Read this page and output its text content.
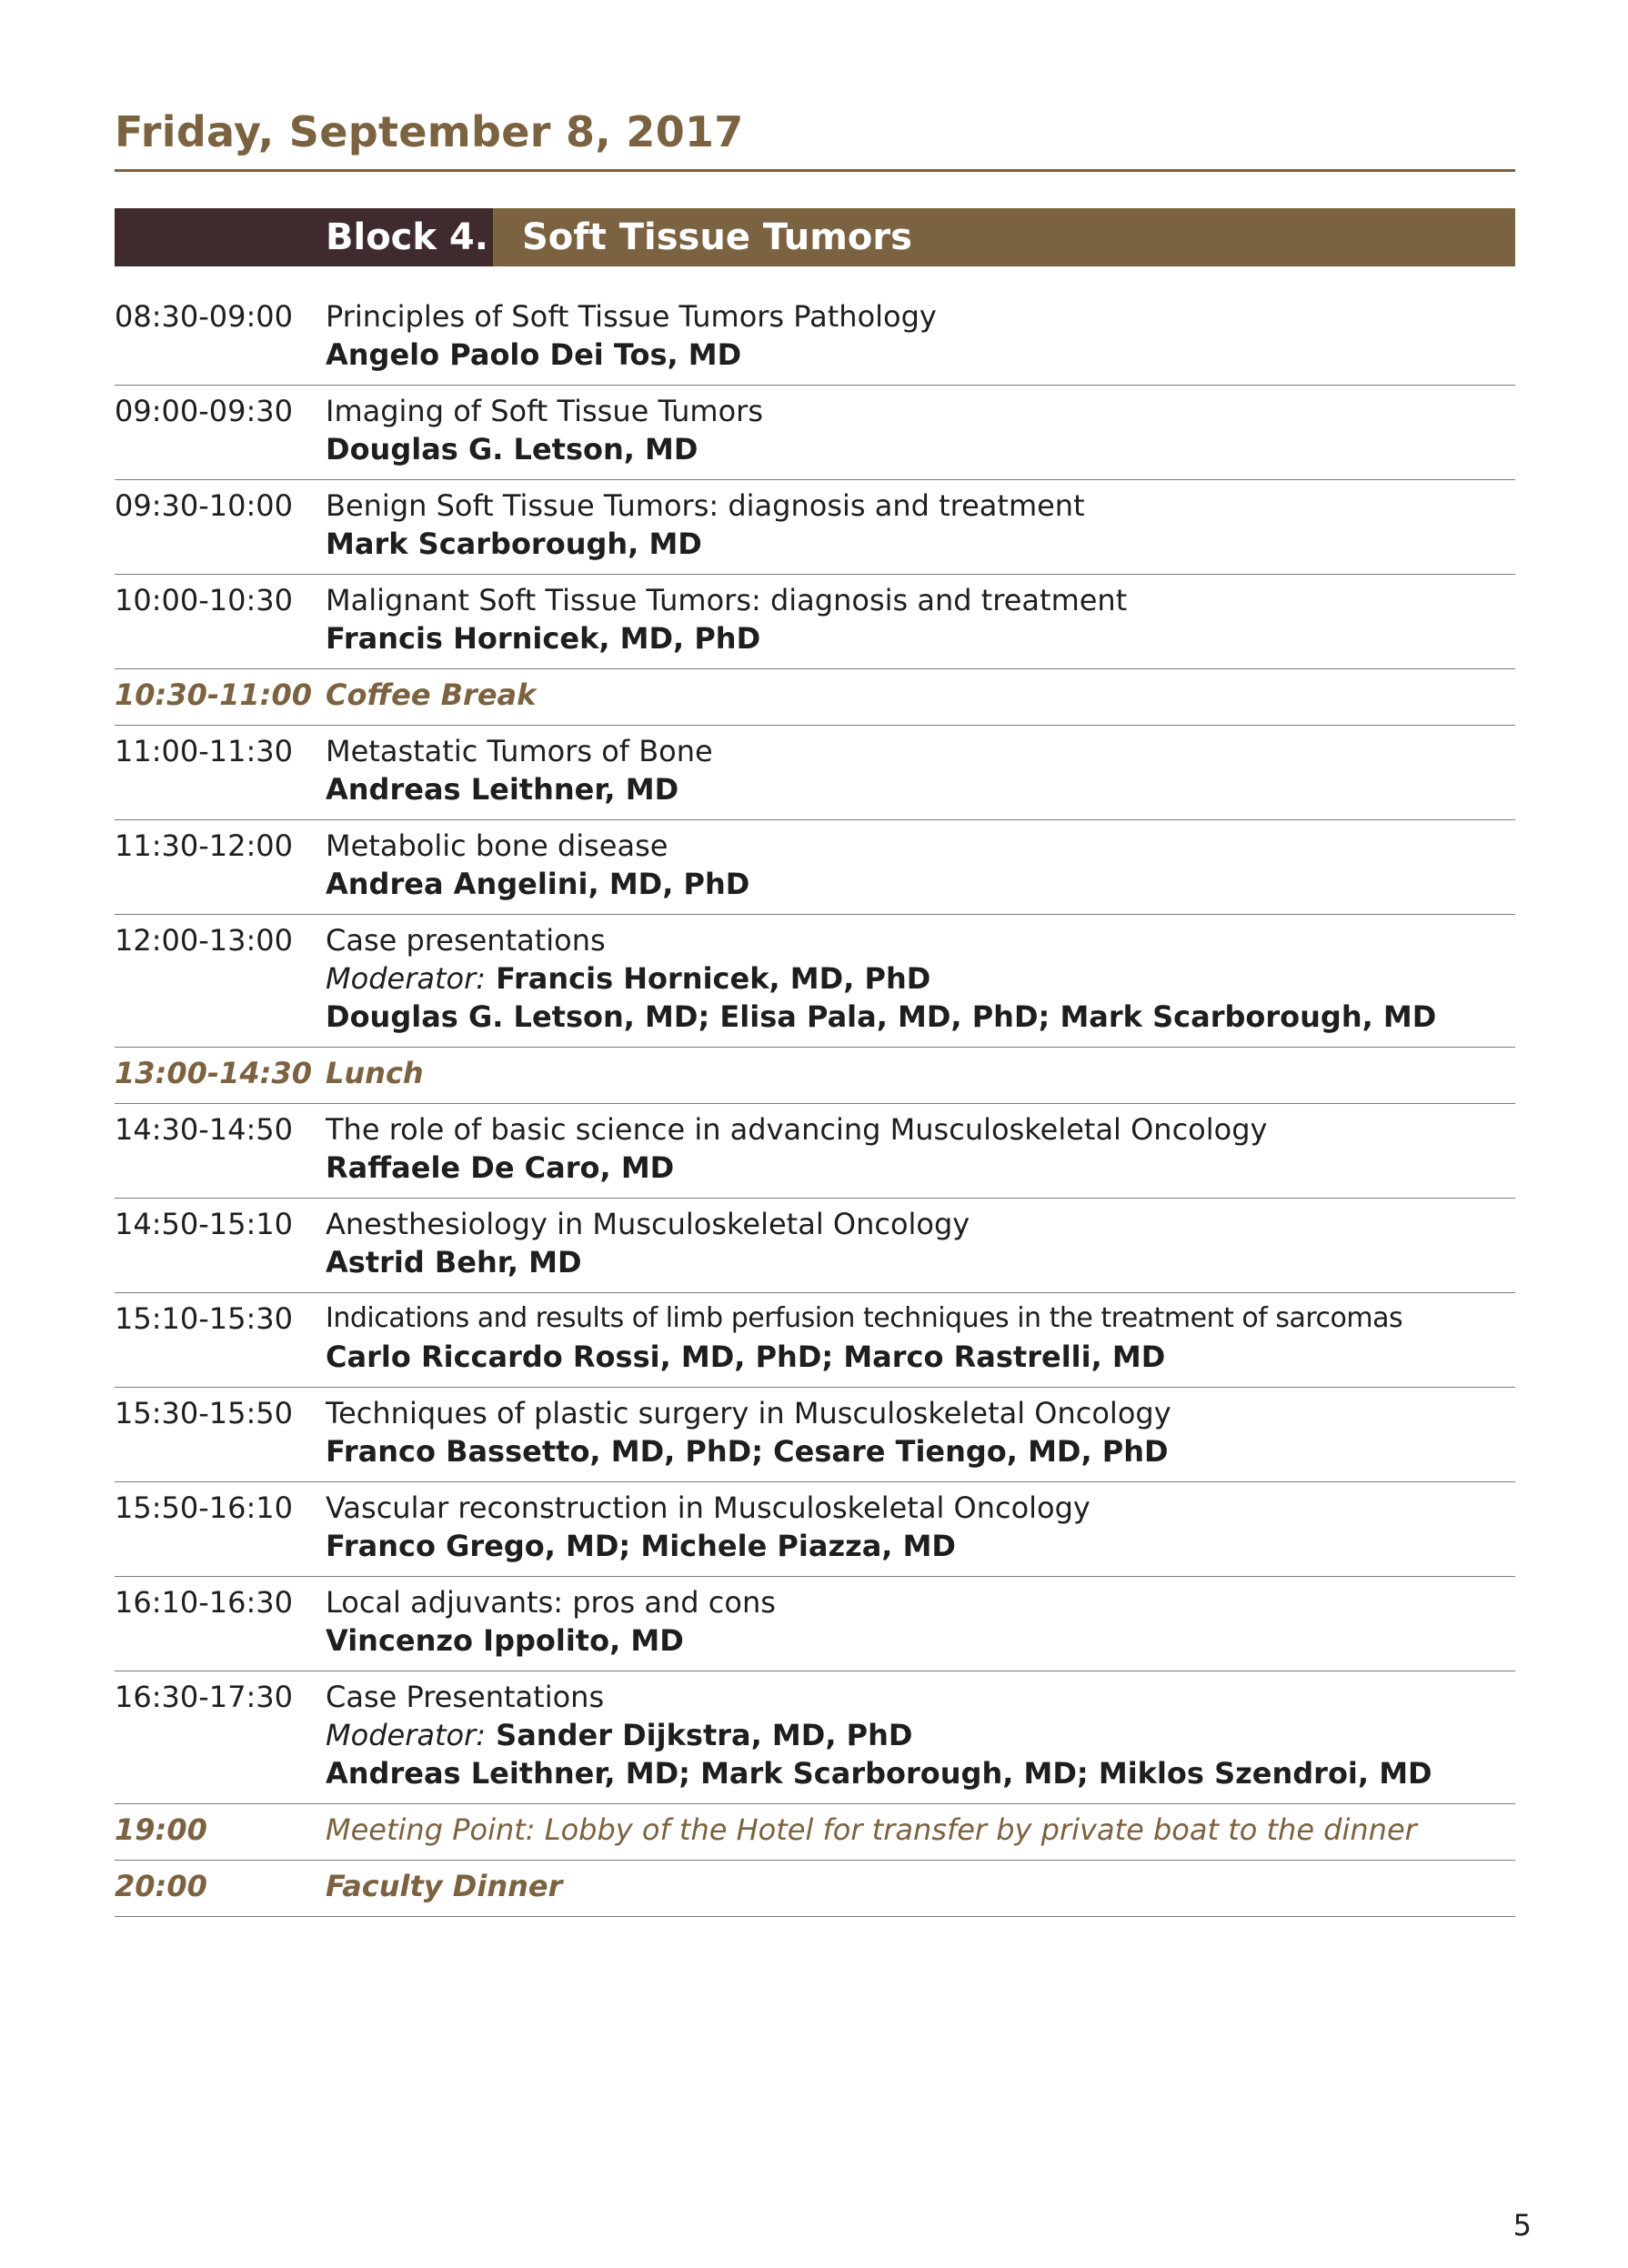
Friday, September 8, 2017
Block 4. Soft Tissue Tumors
08:30-09:00	Principles of Soft Tissue Tumors Pathology
Angelo Paolo Dei Tos, MD
09:00-09:30	Imaging of Soft Tissue Tumors
Douglas G. Letson, MD
09:30-10:00	Benign Soft Tissue Tumors: diagnosis and treatment
Mark Scarborough, MD
10:00-10:30	Malignant Soft Tissue Tumors: diagnosis and treatment
Francis Hornicek, MD, PhD
10:30-11:00 Coffee Break
11:00-11:30	Metastatic Tumors of Bone
Andreas Leithner, MD
11:30-12:00	Metabolic bone disease
Andrea Angelini, MD, PhD
12:00-13:00	Case presentations
Moderator: Francis Hornicek, MD, PhD
Douglas G. Letson, MD; Elisa Pala, MD, PhD; Mark Scarborough, MD
13:00-14:30 Lunch
14:30-14:50	The role of basic science in advancing Musculoskeletal Oncology
Raffaele De Caro, MD
14:50-15:10	Anesthesiology in Musculoskeletal Oncology
Astrid Behr, MD
15:10-15:30	Indications and results of limb perfusion techniques in the treatment of sarcomas
Carlo Riccardo Rossi, MD, PhD; Marco Rastrelli, MD
15:30-15:50	Techniques of plastic surgery in Musculoskeletal Oncology
Franco Bassetto, MD, PhD; Cesare Tiengo, MD, PhD
15:50-16:10	Vascular reconstruction in Musculoskeletal Oncology
Franco Grego, MD; Michele Piazza, MD
16:10-16:30	Local adjuvants: pros and cons
Vincenzo Ippolito, MD
16:30-17:30	Case Presentations
Moderator: Sander Dijkstra, MD, PhD
Andreas Leithner, MD; Mark Scarborough, MD; Miklos Szendroi, MD
19:00	Meeting Point: Lobby of the Hotel for transfer by private boat to the dinner
20:00	Faculty Dinner
5
